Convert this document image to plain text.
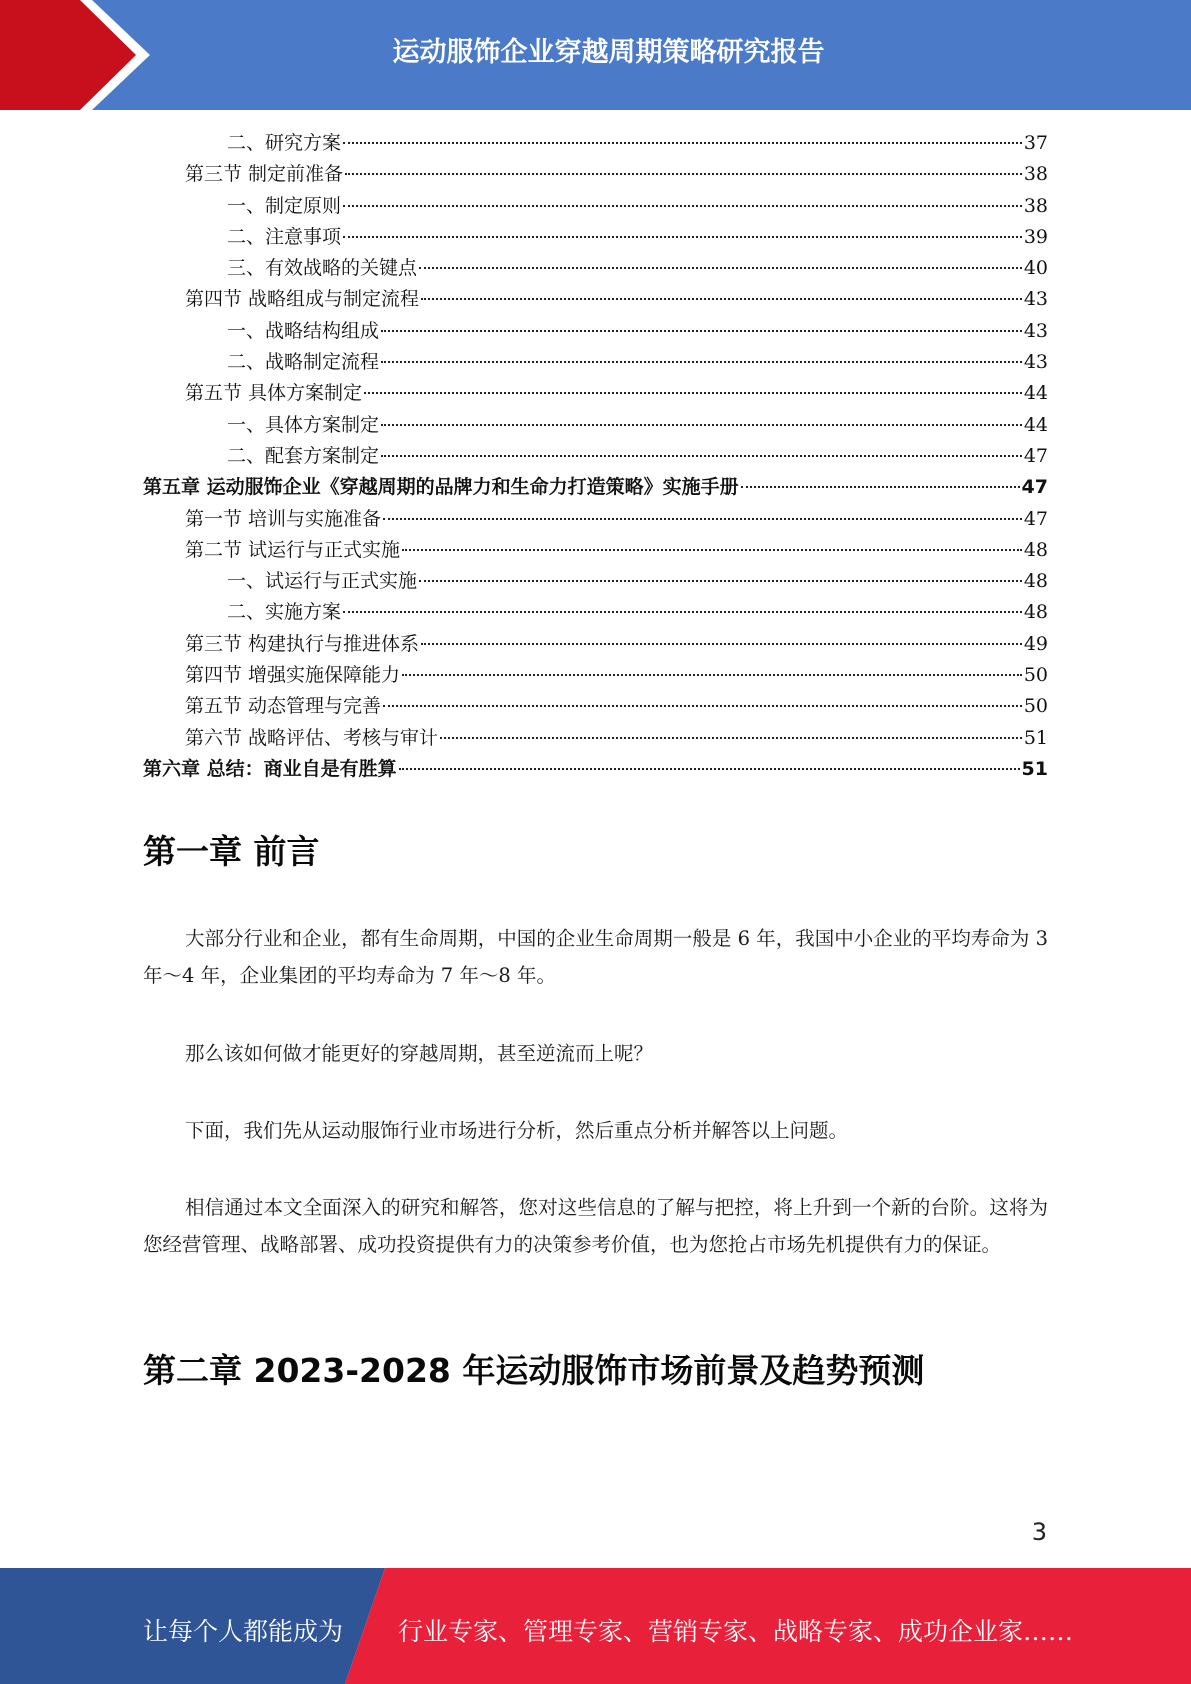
运动服饰企业穿越周期策略研究报告
二、研究方案	37
第三节 制定前准备	38
一、制定原则	38
二、注意事项	39
三、有效战略的关键点	40
第四节 战略组成与制定流程	43
一、战略结构组成	43
二、战略制定流程	43
第五节 具体方案制定	44
一、具体方案制定	44
二、配套方案制定	47
第五章 运动服饰企业《穿越周期的品牌力和生命力打造策略》实施手册	47
第一节 培训与实施准备	47
第二节 试运行与正式实施	48
一、试运行与正式实施	48
二、实施方案	48
第三节 构建执行与推进体系	49
第四节 增强实施保障能力	50
第五节 动态管理与完善	50
第六节 战略评估、考核与审计	51
第六章 总结：商业自是有胜算	51
第一章 前言
大部分行业和企业，都有生命周期，中国的企业生命周期一般是 6 年，我国中小企业的平均寿命为 3 年～4 年，企业集团的平均寿命为 7 年～8 年。
那么该如何做才能更好的穿越周期，甚至逆流而上呢？
下面，我们先从运动服饰行业市场进行分析，然后重点分析并解答以上问题。
相信通过本文全面深入的研究和解答，您对这些信息的了解与把控，将上升到一个新的台阶。这将为您经营管理、战略部署、成功投资提供有力的决策参考价值，也为您抢占市场先机提供有力的保证。
第二章 2023-2028 年运动服饰市场前景及趋势预测
3
让每个人都能成为 行业专家、管理专家、营销专家、战略专家、成功企业家……
